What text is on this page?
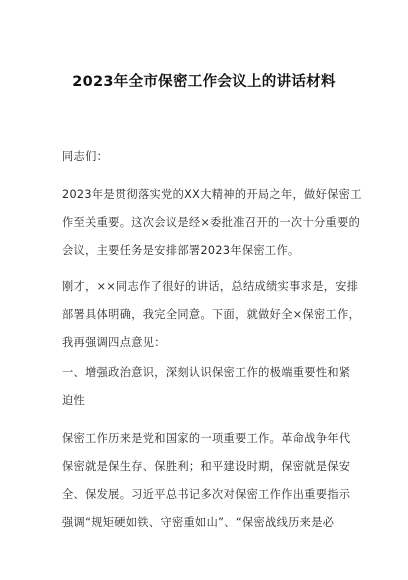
2023年全市保密工作会议上的讲话材料
同志们：
2023年是贯彻落实党的XX大精神的开局之年，做好保密工
作至关重要。这次会议是经×委批准召开的一次十分重要的
会议，主要任务是安排部署2023年保密工作。
刚才，××同志作了很好的讲话，总结成绩实事求是，安排
部署具体明确，我完全同意。下面，就做好全×保密工作，
我再强调四点意见：
一、增强政治意识，深刻认识保密工作的极端重要性和紧
迫性
保密工作历来是党和国家的一项重要工作。革命战争年代
保密就是保生存、保胜利；和平建设时期，保密就是保安
全、保发展。习近平总书记多次对保密工作作出重要指示
强调“规矩硬如铁、守密重如山”、“保密战线历来是必
